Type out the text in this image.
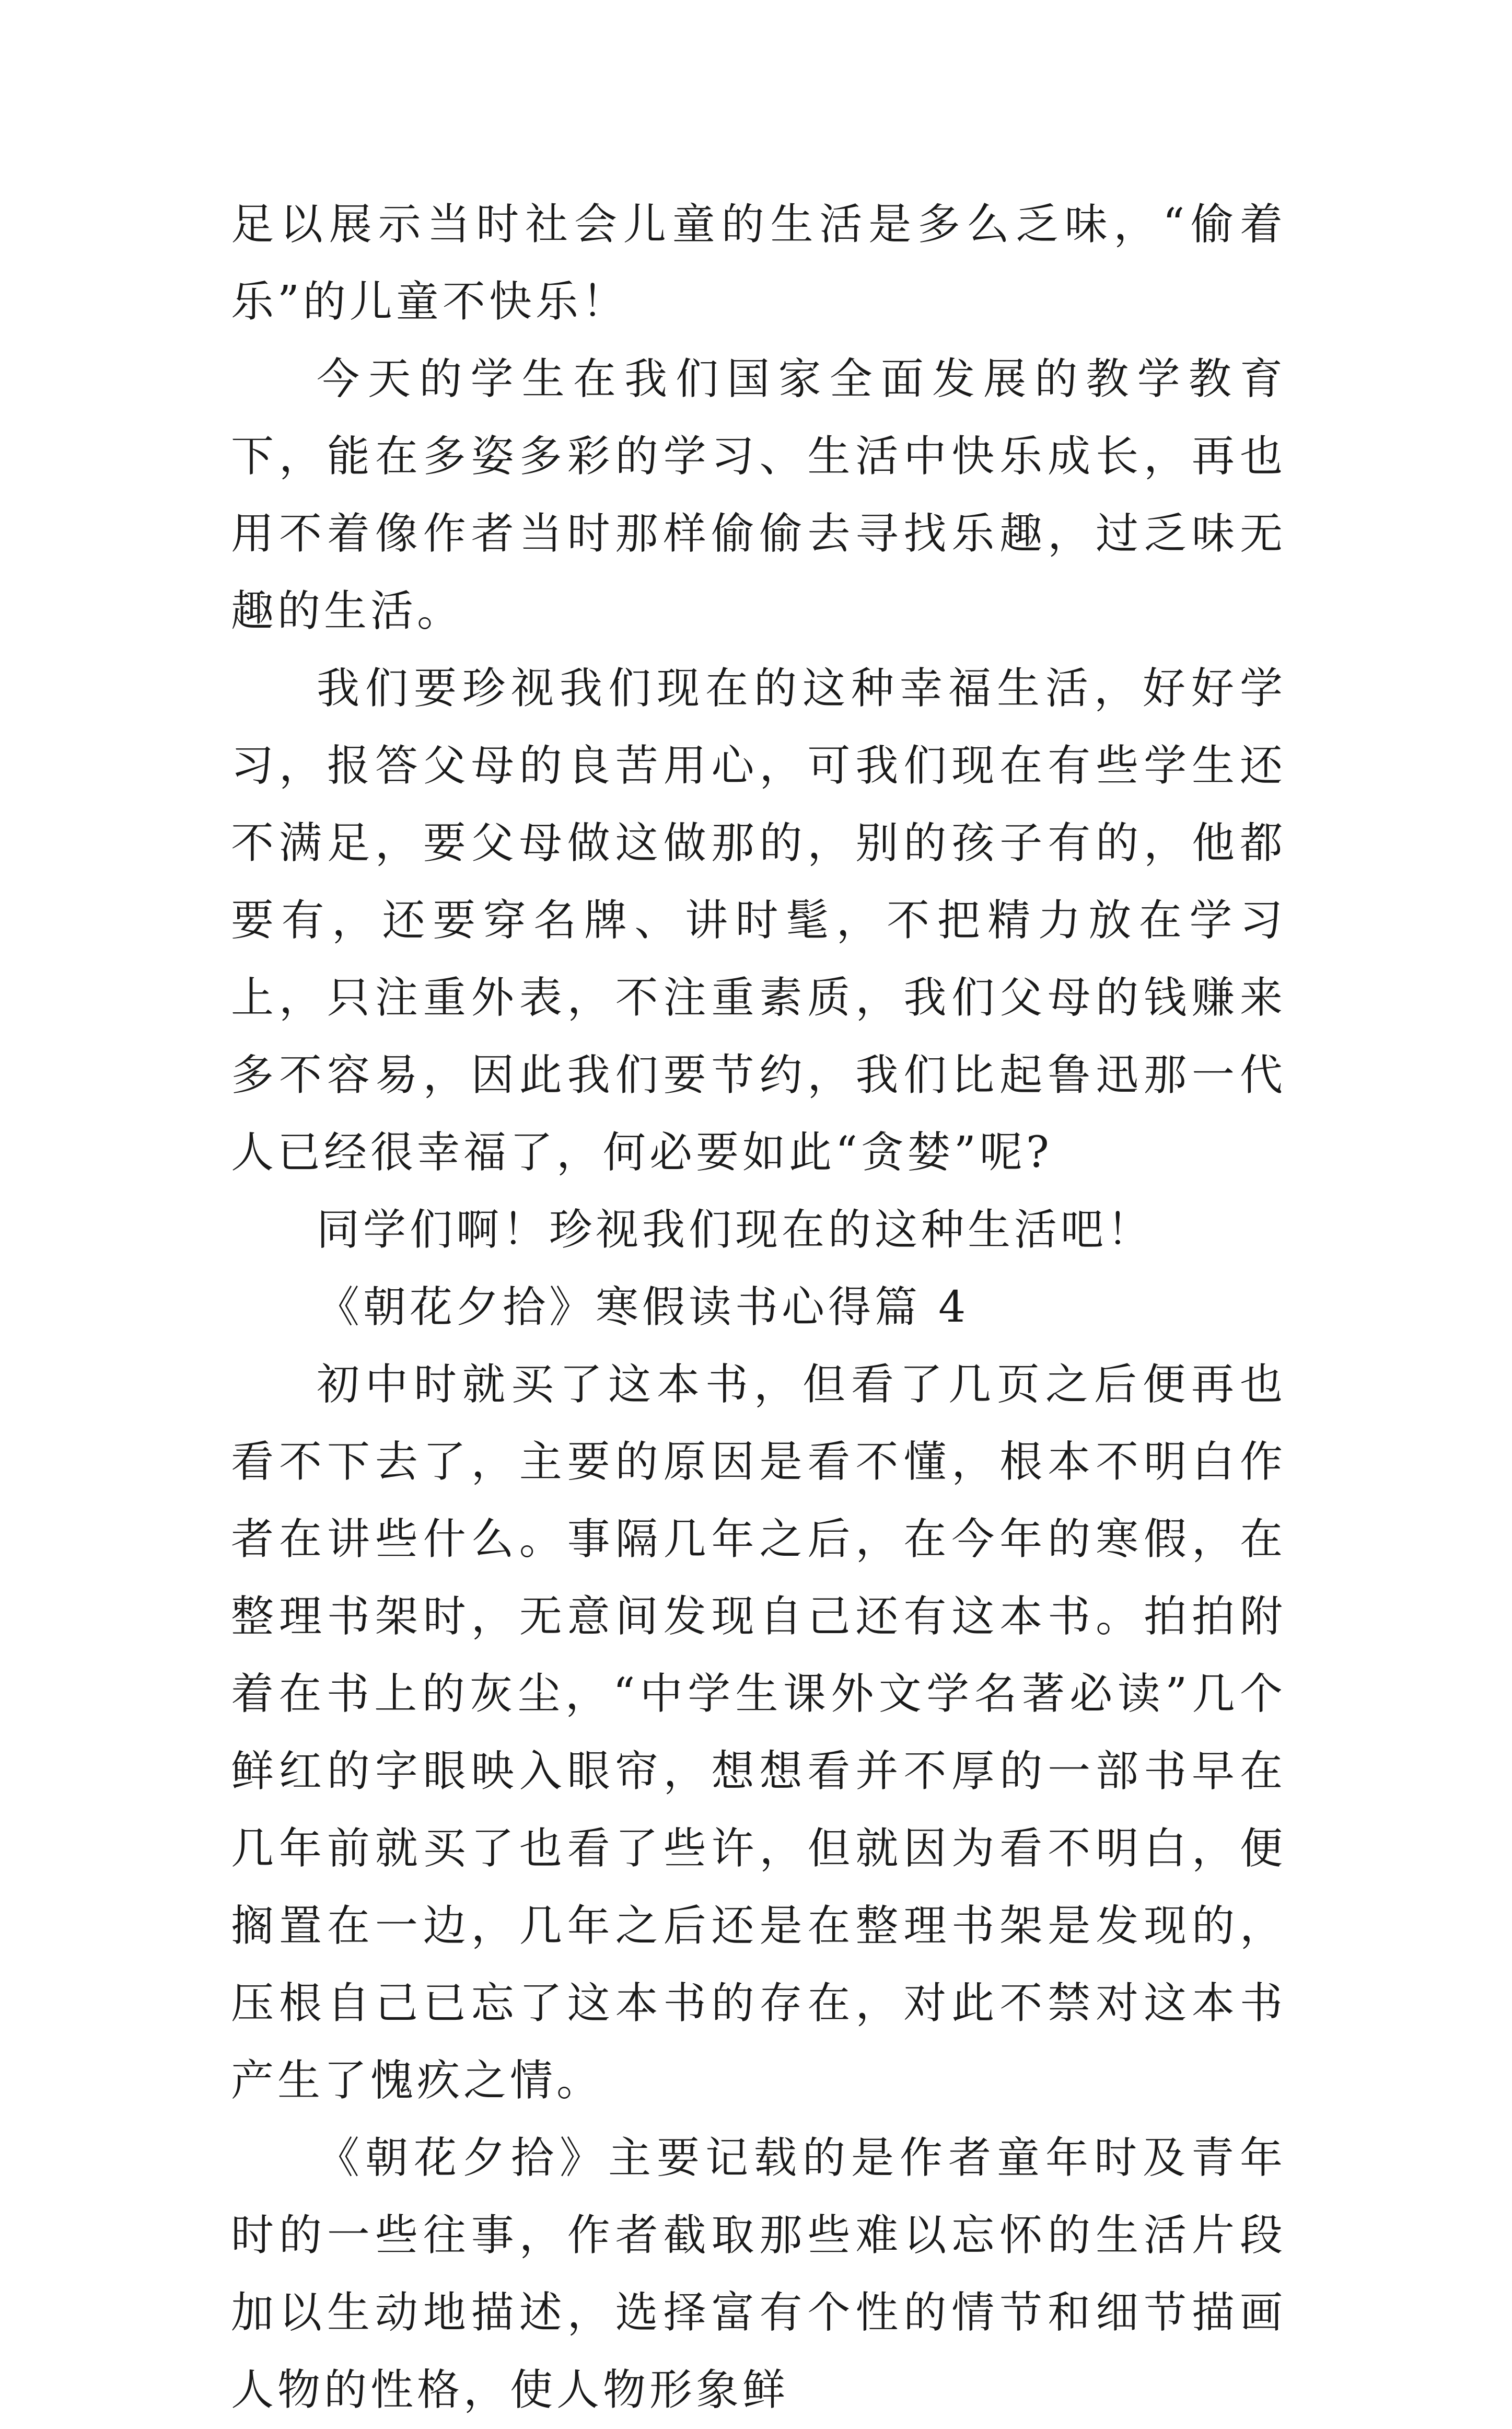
足以展示当时社会儿童的生活是多么乏味，“偷着乐”的儿童不快乐！

今天的学生在我们国家全面发展的教学教育下，能在多姿多彩的学习、生活中快乐成长，再也用不着像作者当时那样偷偷去寻找乐趣，过乏味无趣的生活。

我们要珍视我们现在的这种幸福生活，好好学习，报答父母的良苦用心，可我们现在有些学生还不满足，要父母做这做那的，别的孩子有的，他都要有，还要穿名牌、讲时髦，不把精力放在学习上，只注重外表，不注重素质，我们父母的钱赚来多不容易，因此我们要节约，我们比起鲁迅那一代人已经很幸福了，何必要如此“贪婪”呢?

同学们啊！珍视我们现在的这种生活吧！

《朝花夕拾》寒假读书心得篇 4

初中时就买了这本书，但看了几页之后便再也看不下去了，主要的原因是看不懂，根本不明白作者在讲些什么。事隔几年之后，在今年的寒假，在整理书架时，无意间发现自己还有这本书。拍拍附着在书上的灰尘，“中学生课外文学名著必读”几个鲜红的字眼映入眼帘，想想看并不厚的一部书早在几年前就买了也看了些许，但就因为看不明白，便搁置在一边，几年之后还是在整理书架是发现的，压根自己已忘了这本书的存在，对此不禁对这本书产生了愧疚之情。

《朝花夕拾》主要记载的是作者童年时及青年时的一些往事，作者截取那些难以忘怀的生活片段加以生动地描述，选择富有个性的情节和细节描画人物的性格，使人物形象鲜
